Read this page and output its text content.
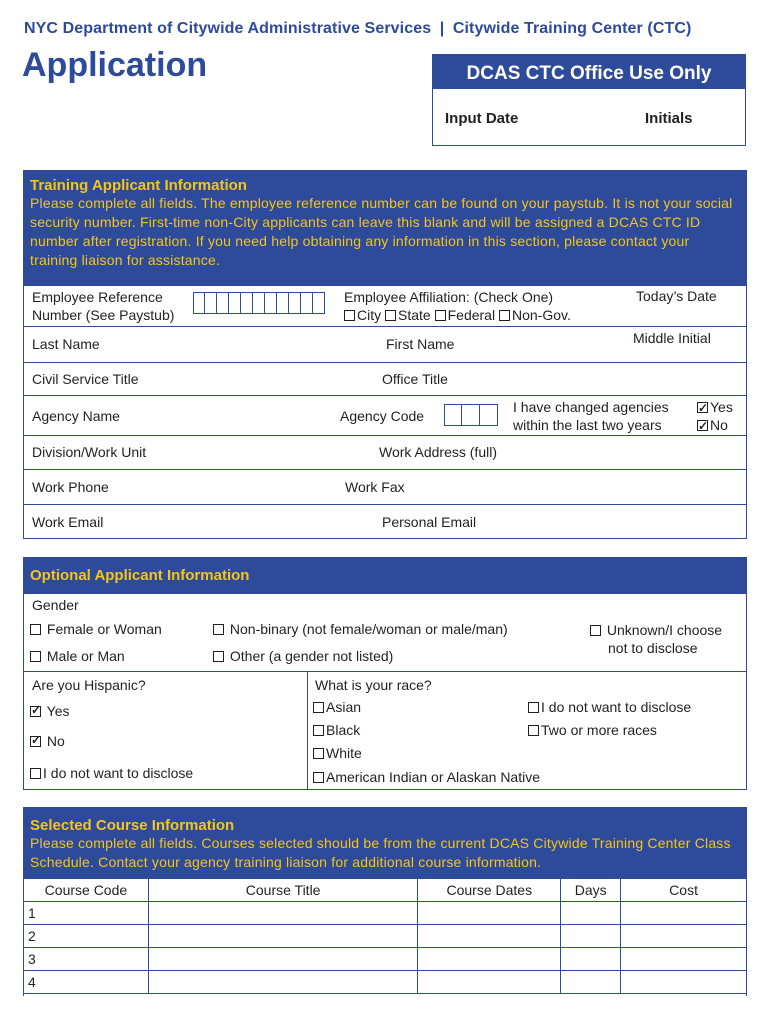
NYC Department of Citywide Administrative Services | Citywide Training Center (CTC)
Application	DCAS CTC Office Use Only
Input Date	Initials
Training Applicant Information
Please complete all fields. The employee reference number can be found on your paystub. It is not your social security number. First-time non-City applicants can leave this blank and will be assigned a DCAS CTC ID number after registration. If you need help obtaining any information in this section, please contact your training liaison for assistance.
Employee Reference
Number (See Paystub)
Employee Affiliation: (Check One)
City State Federal Non-Gov.
Today’s Date
Last Name	First Name	Middle Initial
Civil Service Title	Office Title
Agency Name	Agency Code
I have changed agencies
within the last two years
✓Yes
✓No
Division/Work Unit	Work Address (full)
Work Phone	Work Fax
Work Email	Personal Email
Optional Applicant Information
Gender
Female or Woman	Non-binary (not female/woman or male/man)	Unknown/I choose
not to disclose
Male or Man	Other (a gender not listed)
Are you Hispanic?
✓ Yes
✓ No
I do not want to disclose
What is your race?
Asian
Black
White
American Indian or Alaskan Native
I do not want to disclose
Two or more races
Selected Course Information
Please complete all fields. Courses selected should be from the current DCAS Citywide Training Center Class Schedule. Contact your agency training liaison for additional course information.
Course Code	Course Title	Course Dates	Days	Cost
1				
2				
3				
4				
